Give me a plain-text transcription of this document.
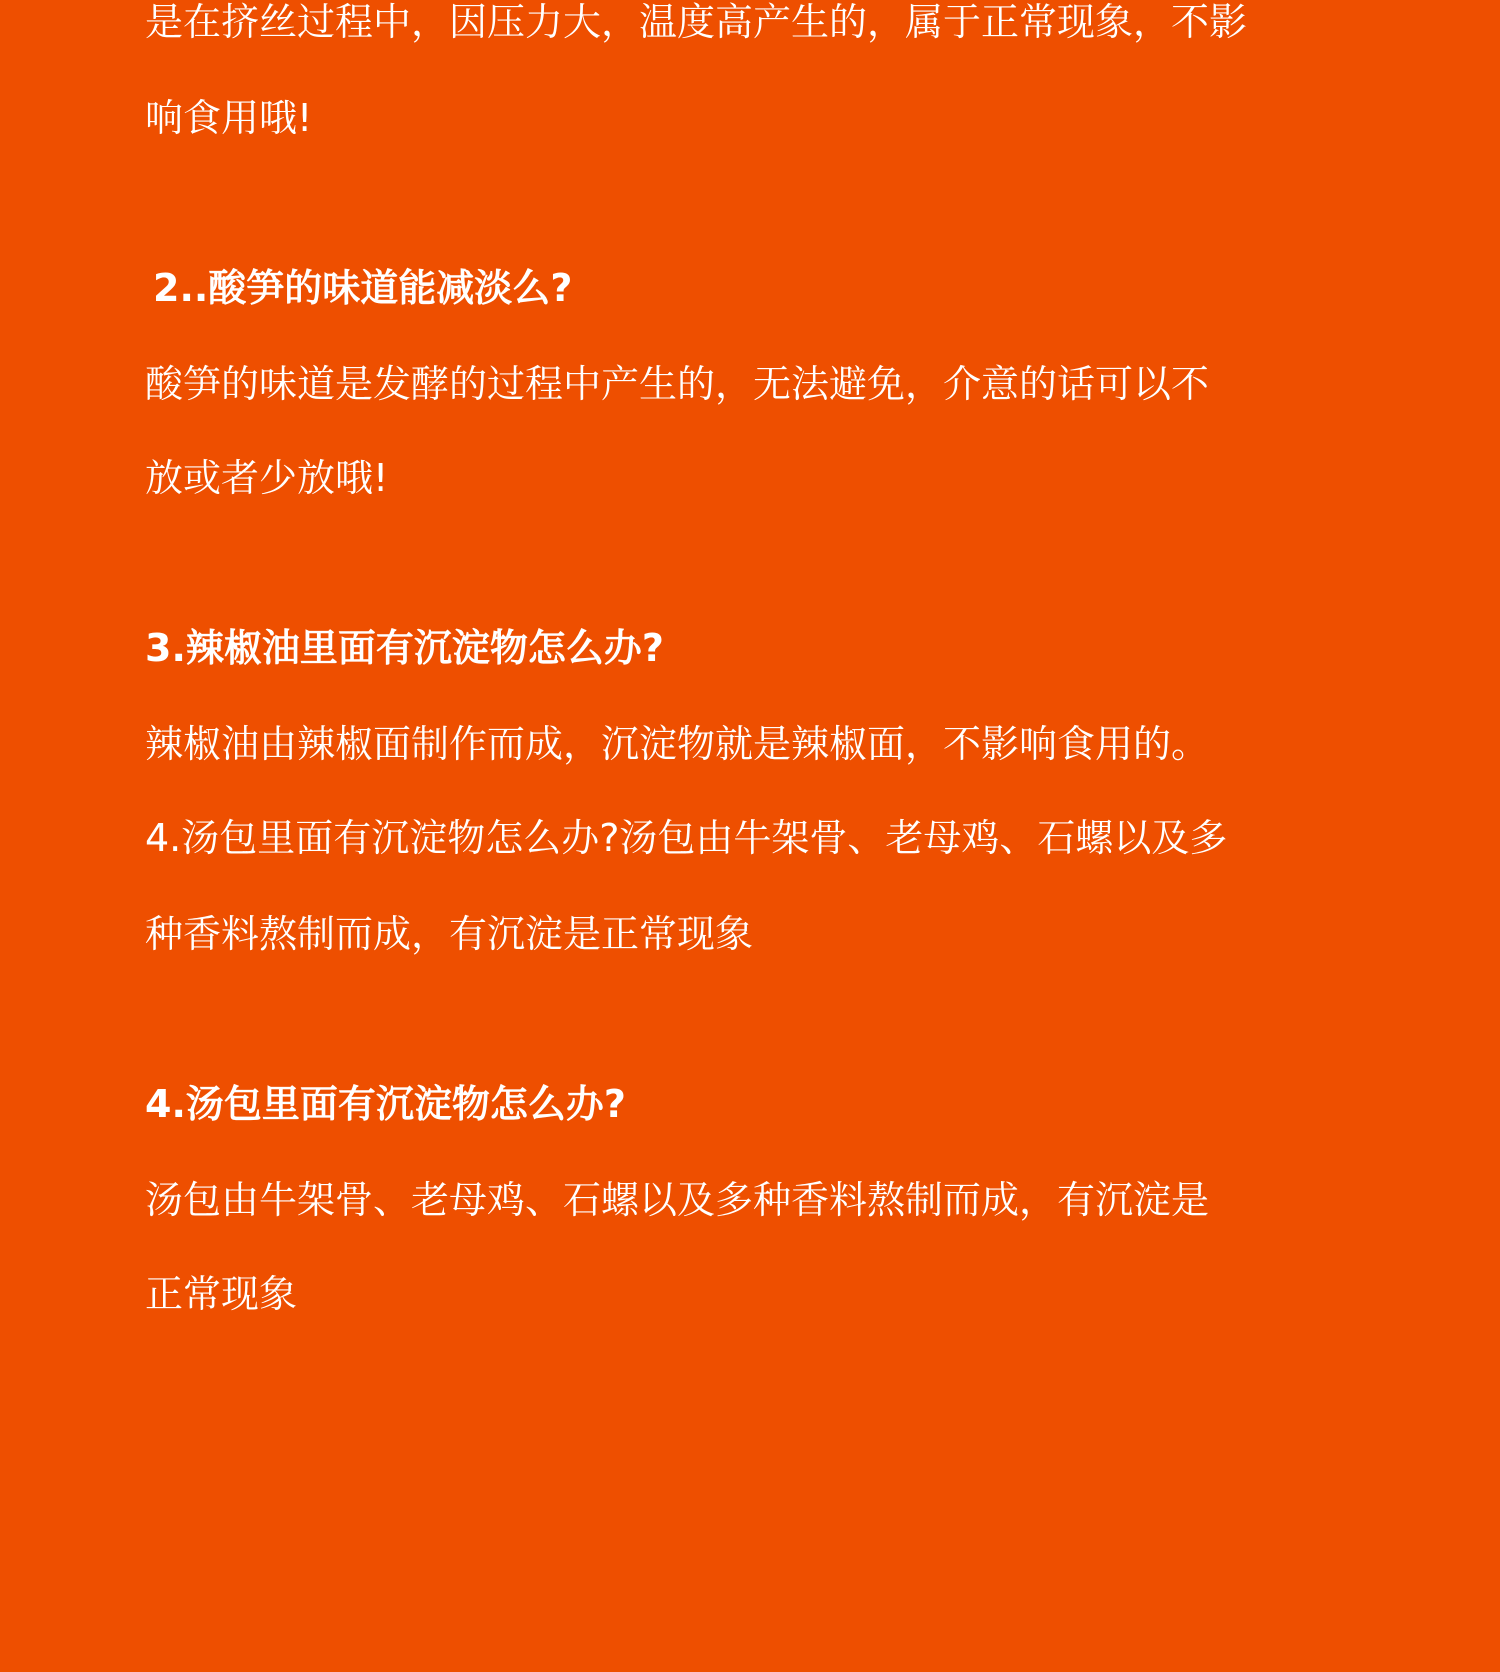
是在挤丝过程中，因压力大，温度高产生的，属于正常现象，不影

响食用哦!

2..酸笋的味道能减淡么?

酸笋的味道是发酵的过程中产生的，无法避免，介意的话可以不

放或者少放哦!

3.辣椒油里面有沉淀物怎么办?

辣椒油由辣椒面制作而成，沉淀物就是辣椒面，不影响食用的。

4.汤包里面有沉淀物怎么办?汤包由牛架骨、老母鸡、石螺以及多

种香料熬制而成，有沉淀是正常现象

4.汤包里面有沉淀物怎么办?

汤包由牛架骨、老母鸡、石螺以及多种香料熬制而成，有沉淀是

正常现象
